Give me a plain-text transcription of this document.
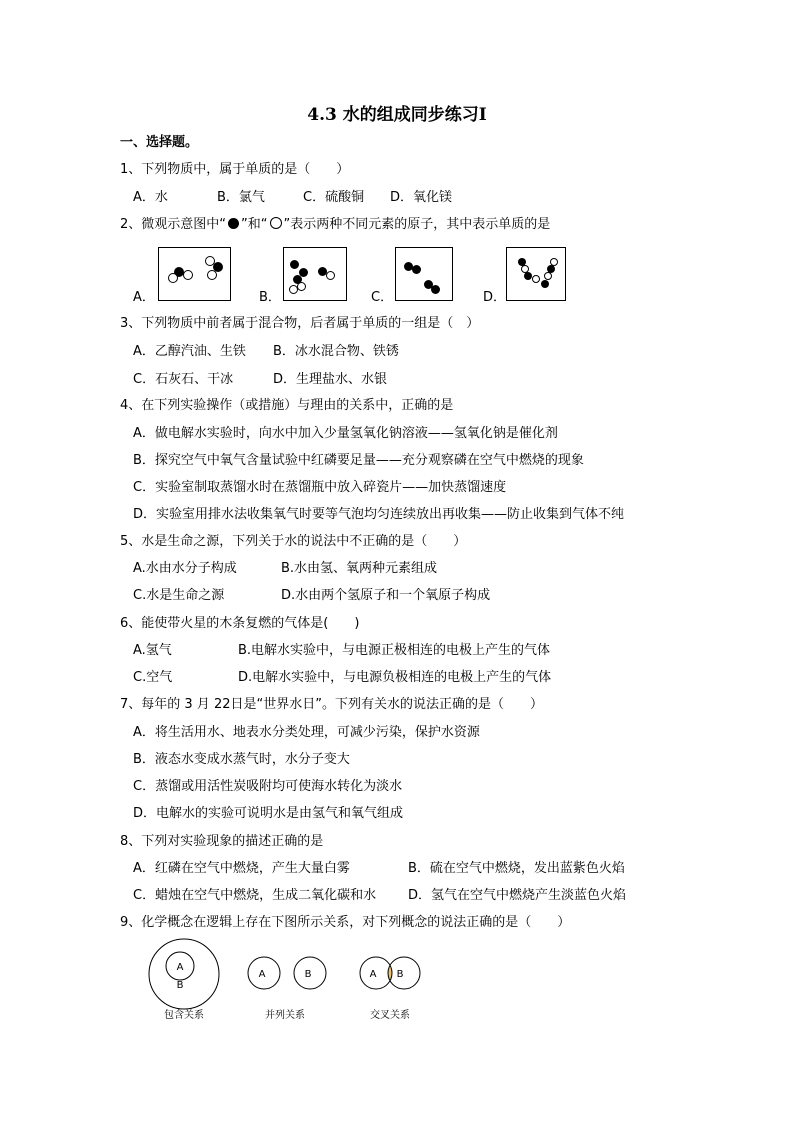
4.3 水的组成同步练习Ⅰ
一、选择题。
1、下列物质中，属于单质的是（　　）
A．水	B．氯气	C．硫酸铜 D．氧化镁
2、微观示意图中“ ”和“ ”表示两种不同元素的原子，其中表示单质的是
A．	B．	C．	D．
3、下列物质中前者属于混合物，后者属于单质的一组是（　）
A．乙醇汽油、生铁 B．冰水混合物、铁锈
C．石灰石、干冰	D．生理盐水、水银
4、在下列实验操作（或措施）与理由的关系中，正确的是
A．做电解水实验时，向水中加入少量氢氧化钠溶液——氢氧化钠是催化剂
B．探究空气中氧气含量试验中红磷要足量——充分观察磷在空气中燃烧的现象
C．实验室制取蒸馏水时在蒸馏瓶中放入碎瓷片——加快蒸馏速度
D．实验室用排水法收集氧气时要等气泡均匀连续放出再收集——防止收集到气体不纯
5、水是生命之源，下列关于水的说法中不正确的是（　　）
A.水由水分子构成	B.水由氢、氧两种元素组成
C.水是生命之源	D.水由两个氢原子和一个氧原子构成
6、能使带火星的木条复燃的气体是(　　)
A.氢气	B.电解水实验中，与电源正极相连的电极上产生的气体
C.空气	D.电解水实验中，与电源负极相连的电极上产生的气体
7、每年的 3 月 22日是“世界水日”。下列有关水的说法正确的是（　　）
A．将生活用水、地表水分类处理，可减少污染，保护水资源
B．液态水变成水蒸气时，水分子变大
C．蒸馏或用活性炭吸附均可使海水转化为淡水
D．电解水的实验可说明水是由氢气和氧气组成
8、下列对实验现象的描述正确的是
A．红磷在空气中燃烧，产生大量白雾	B．硫在空气中燃烧，发出蓝紫色火焰
C．蜡烛在空气中燃烧，生成二氧化碳和水 D．氢气在空气中燃烧产生淡蓝色火焰
9、化学概念在逻辑上存在下图所示关系，对下列概念的说法正确的是（　　）
A
B
包含关系
A	B
并列关系
A B
交叉关系
